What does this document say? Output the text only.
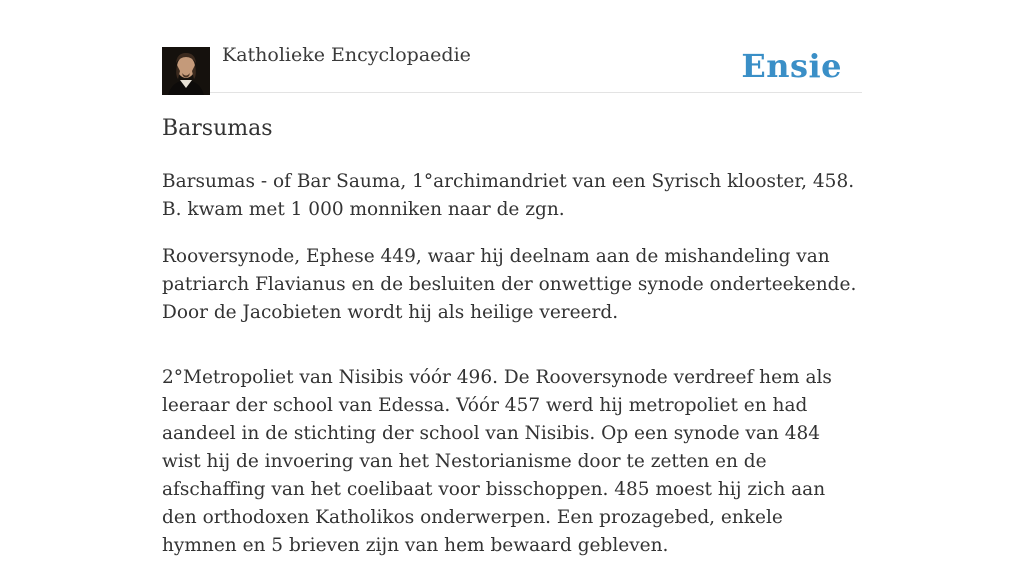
Katholieke Encyclopaedie	Ensie
Barsumas

Barsumas - of Bar Sauma, 1°archimandriet van een Syrisch klooster, 458. B. kwam met 1 000 monniken naar de zgn.

Rooversynode, Ephese 449, waar hij deelnam aan de mishandeling van patriarch Flavianus en de besluiten der onwettige synode onderteekende. Door de Jacobieten wordt hij als heilige vereerd.

2°Metropoliet van Nisibis vóór 496. De Rooversynode verdreef hem als leeraar der school van Edessa. Vóór 457 werd hij metropoliet en had aandeel in de stichting der school van Nisibis. Op een synode van 484 wist hij de invoering van het Nestorianisme door te zetten en de afschaffing van het coelibaat voor bisschoppen. 485 moest hij zich aan den orthodoxen Katholikos onderwerpen. Een prozagebed, enkele hymnen en 5 brieven zijn van hem bewaard gebleven.
